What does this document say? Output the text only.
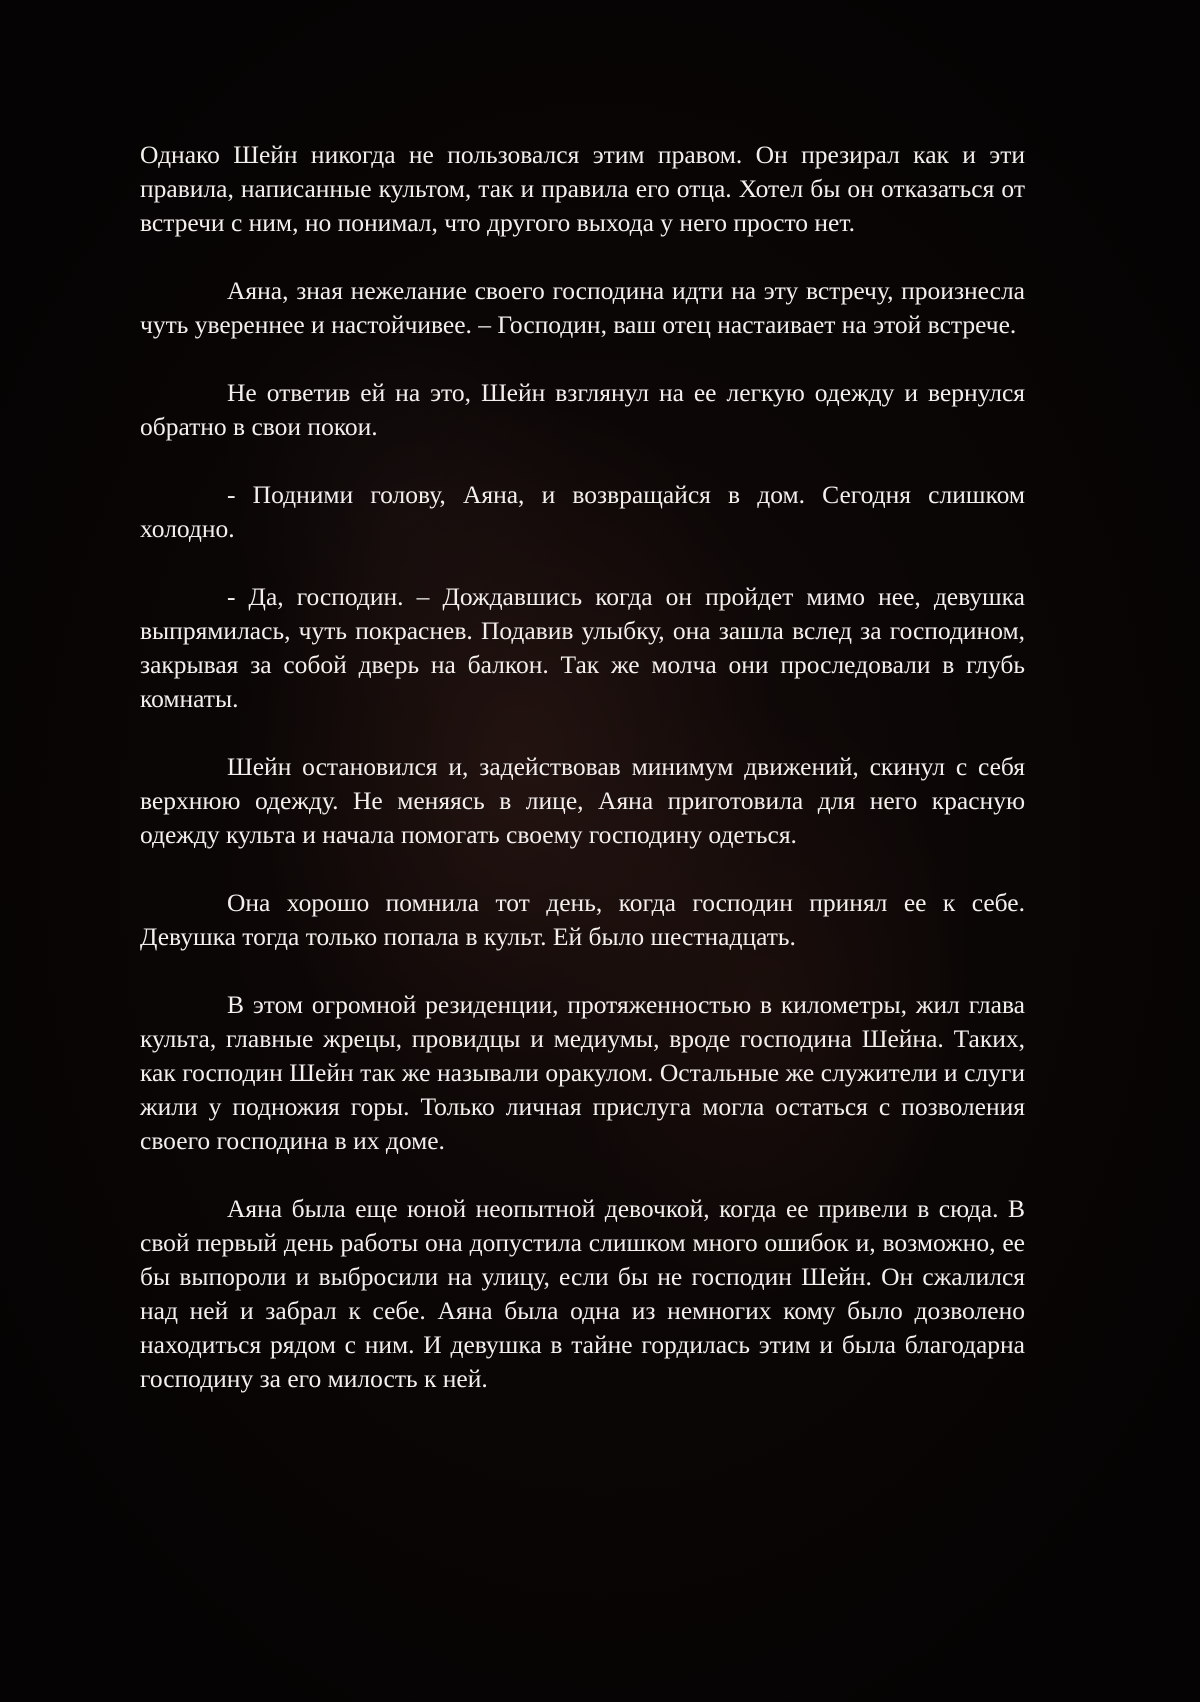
Однако Шейн никогда не пользовался этим правом. Он презирал как и эти правила, написанные культом, так и правила его отца. Хотел бы он отказаться от встречи с ним, но понимал, что другого выхода у него просто нет.

Аяна, зная нежелание своего господина идти на эту встречу, произнесла чуть увереннее и настойчивее. – Господин, ваш отец настаивает на этой встрече.

Не ответив ей на это, Шейн взглянул на ее легкую одежду и вернулся обратно в свои покои.

- Подними голову, Аяна, и возвращайся в дом. Сегодня слишком холодно.

- Да, господин. – Дождавшись когда он пройдет мимо нее, девушка выпрямилась, чуть покраснев. Подавив улыбку, она зашла вслед за господином, закрывая за собой дверь на балкон. Так же молча они проследовали в глубь комнаты.

Шейн остановился и, задействовав минимум движений, скинул с себя верхнюю одежду. Не меняясь в лице, Аяна приготовила для него красную одежду культа и начала помогать своему господину одеться.

Она хорошо помнила тот день, когда господин принял ее к себе. Девушка тогда только попала в культ. Ей было шестнадцать.

В этом огромной резиденции, протяженностью в километры, жил глава культа, главные жрецы, провидцы и медиумы, вроде господина Шейна. Таких, как господин Шейн так же называли оракулом. Остальные же служители и слуги жили у подножия горы. Только личная прислуга могла остаться с позволения своего господина в их доме.

Аяна была еще юной неопытной девочкой, когда ее привели в сюда. В свой первый день работы она допустила слишком много ошибок и, возможно, ее бы выпороли и выбросили на улицу, если бы не господин Шейн. Он сжалился над ней и забрал к себе. Аяна была одна из немногих кому было дозволено находиться рядом с ним. И девушка в тайне гордилась этим и была благодарна господину за его милость к ней.
